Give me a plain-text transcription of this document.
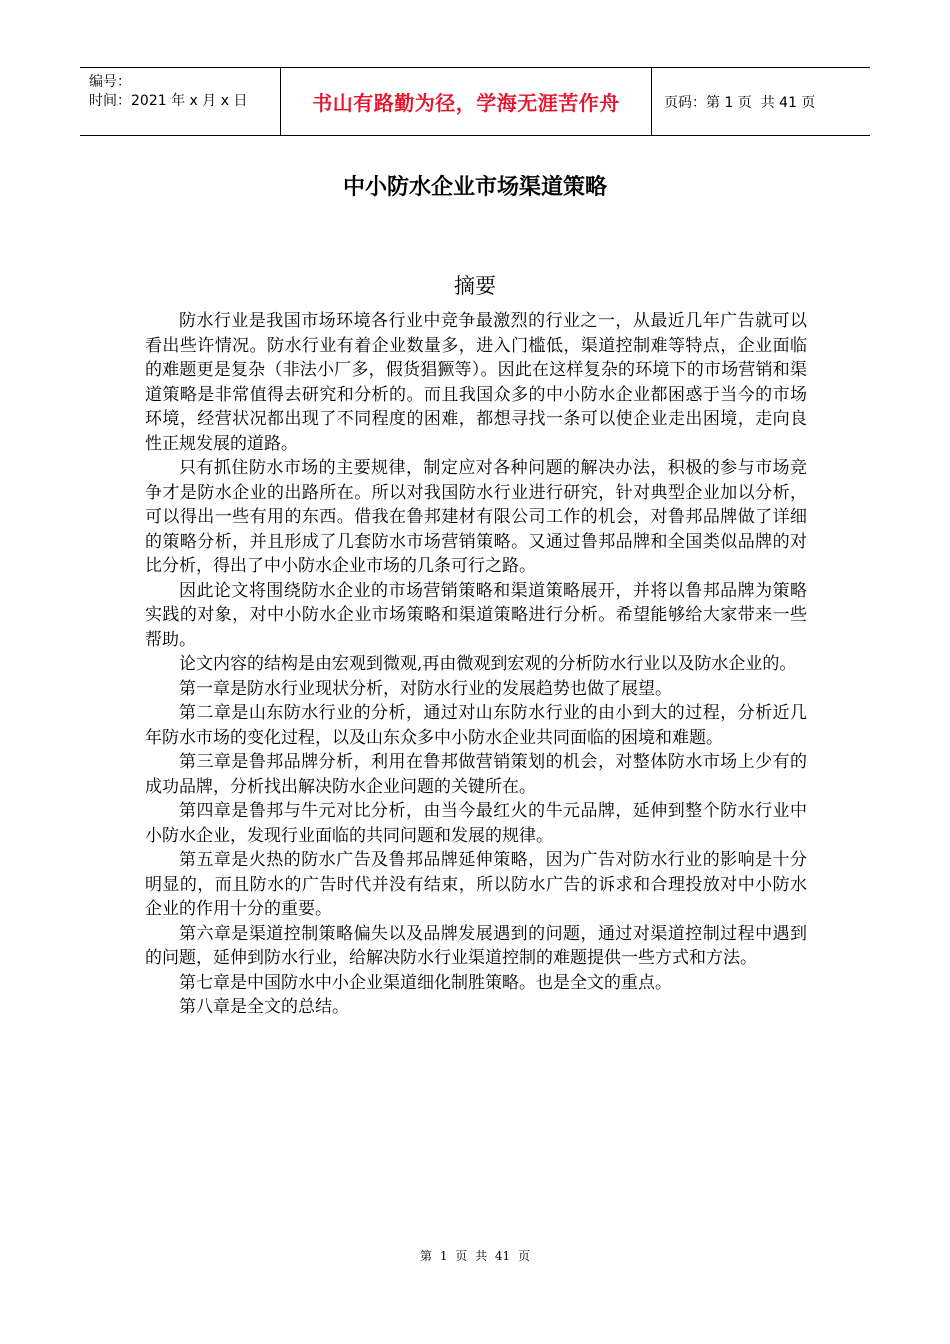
编号：
时间：2021 年 x 月 x 日	书山有路勤为径，学海无涯苦作舟	页码：第 1 页  共 41 页
中小防水企业市场渠道策略
摘要

防水行业是我国市场环境各行业中竞争最激烈的行业之一，从最近几年广告就可以看出些许情况。防水行业有着企业数量多，进入门槛低，渠道控制难等特点，企业面临的难题更是复杂（非法小厂多，假货猖獗等）。因此在这样复杂的环境下的市场营销和渠道策略是非常值得去研究和分析的。而且我国众多的中小防水企业都困惑于当今的市场环境，经营状况都出现了不同程度的困难，都想寻找一条可以使企业走出困境，走向良性正规发展的道路。

只有抓住防水市场的主要规律，制定应对各种问题的解决办法，积极的参与市场竞争才是防水企业的出路所在。所以对我国防水行业进行研究，针对典型企业加以分析，可以得出一些有用的东西。借我在鲁邦建材有限公司工作的机会，对鲁邦品牌做了详细的策略分析，并且形成了几套防水市场营销策略。又通过鲁邦品牌和全国类似品牌的对比分析，得出了中小防水企业市场的几条可行之路。

因此论文将围绕防水企业的市场营销策略和渠道策略展开，并将以鲁邦品牌为策略实践的对象，对中小防水企业市场策略和渠道策略进行分析。希望能够给大家带来一些帮助。

论文内容的结构是由宏观到微观,再由微观到宏观的分析防水行业以及防水企业的。

第一章是防水行业现状分析，对防水行业的发展趋势也做了展望。

第二章是山东防水行业的分析，通过对山东防水行业的由小到大的过程，分析近几年防水市场的变化过程，以及山东众多中小防水企业共同面临的困境和难题。

第三章是鲁邦品牌分析，利用在鲁邦做营销策划的机会，对整体防水市场上少有的成功品牌，分析找出解决防水企业问题的关键所在。

第四章是鲁邦与牛元对比分析，由当今最红火的牛元品牌，延伸到整个防水行业中小防水企业，发现行业面临的共同问题和发展的规律。

第五章是火热的防水广告及鲁邦品牌延伸策略，因为广告对防水行业的影响是十分明显的，而且防水的广告时代并没有结束，所以防水广告的诉求和合理投放对中小防水企业的作用十分的重要。

第六章是渠道控制策略偏失以及品牌发展遇到的问题，通过对渠道控制过程中遇到的问题，延伸到防水行业，给解决防水行业渠道控制的难题提供一些方式和方法。

第七章是中国防水中小企业渠道细化制胜策略。也是全文的重点。

第八章是全文的总结。

第 1 页 共 41 页
